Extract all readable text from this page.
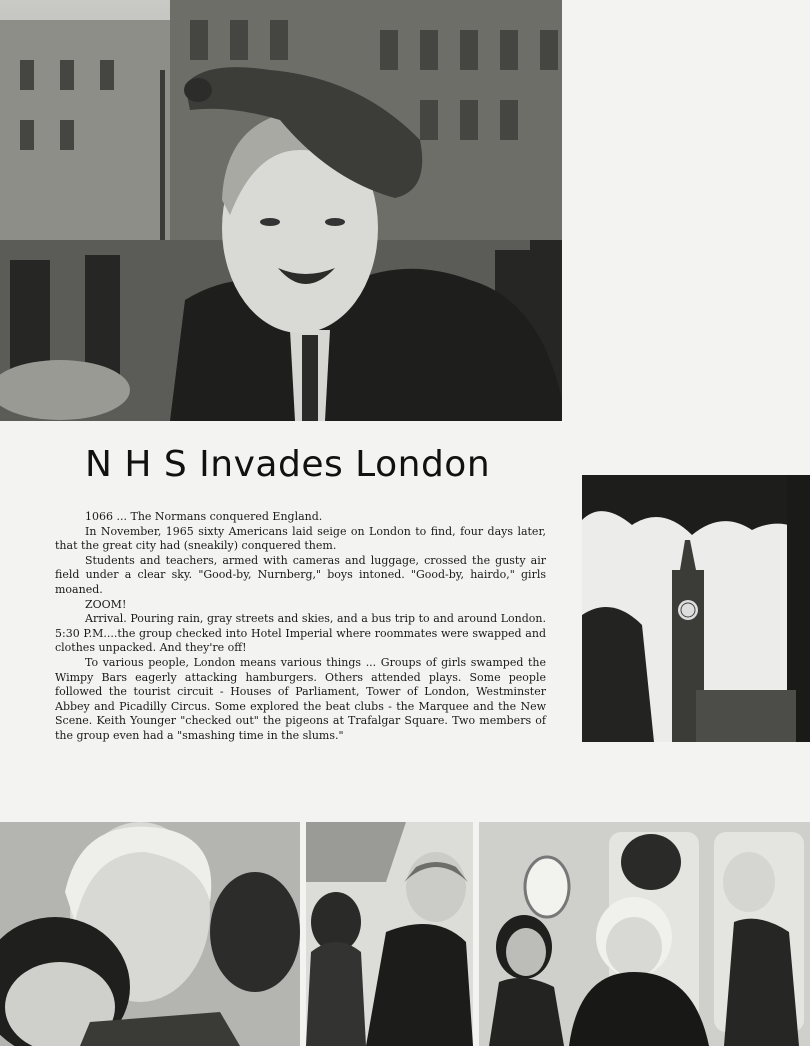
N H S Invades London

1066 ... The Normans conquered England.

In November, 1965 sixty Americans laid seige on London to find, four days later, that the great city had (sneakily) conquered them.

Students and teachers, armed with cameras and luggage, crossed the gusty air field under a clear sky. "Good-by, Nurnberg," boys intoned. "Good-by, hairdo," girls moaned.

ZOOM!

Arrival. Pouring rain, gray streets and skies, and a bus trip to and around London. 5:30 P.M....the group checked into Hotel Imperial where roommates were swapped and clothes unpacked. And they're off!

To various people, London means various things ... Groups of girls swamped the Wimpy Bars eagerly attacking hamburgers. Others attended plays. Some people followed the tourist circuit - Houses of Parliament, Tower of London, Westminster Abbey and Picadilly Circus. Some explored the beat clubs - the Marquee and the New Scene. Keith Younger "checked out" the pigeons at Trafalgar Square. Two members of the group even had a "smashing time in the slums."
